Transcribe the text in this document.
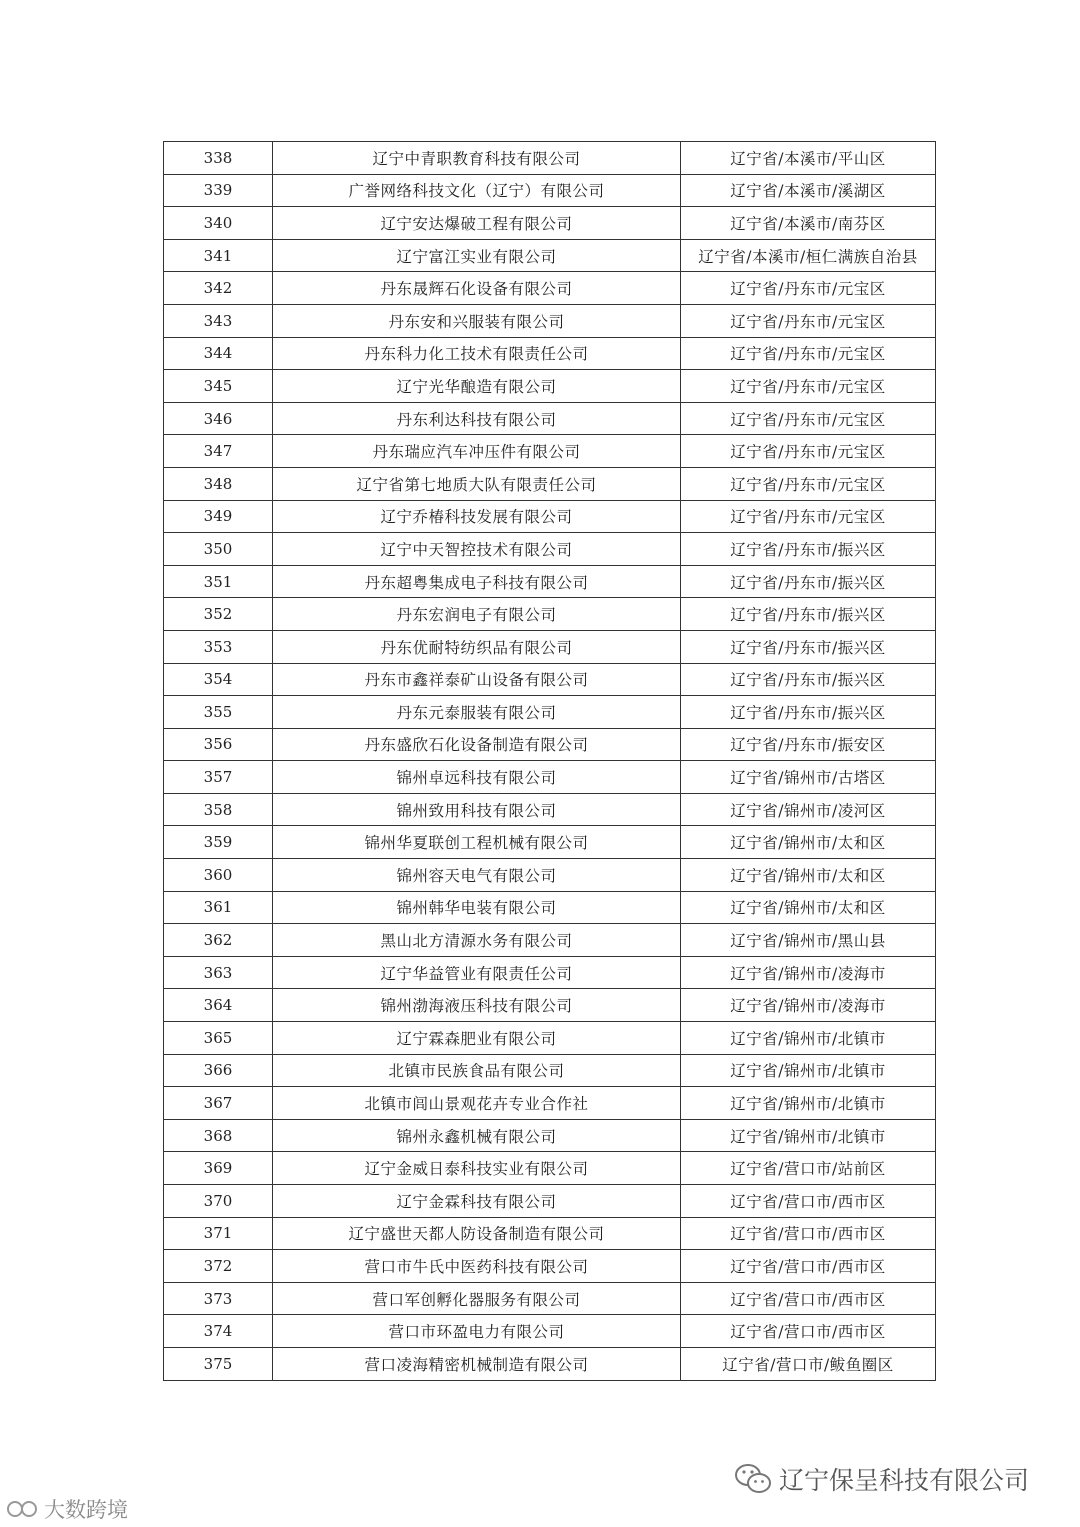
338	辽宁中青职教育科技有限公司	辽宁省/本溪市/平山区
339	广誉网络科技文化（辽宁）有限公司	辽宁省/本溪市/溪湖区
340	辽宁安达爆破工程有限公司	辽宁省/本溪市/南芬区
341	辽宁富江实业有限公司	辽宁省/本溪市/桓仁满族自治县
342	丹东晟辉石化设备有限公司	辽宁省/丹东市/元宝区
343	丹东安和兴服装有限公司	辽宁省/丹东市/元宝区
344	丹东科力化工技术有限责任公司	辽宁省/丹东市/元宝区
345	辽宁光华酿造有限公司	辽宁省/丹东市/元宝区
346	丹东利达科技有限公司	辽宁省/丹东市/元宝区
347	丹东瑞应汽车冲压件有限公司	辽宁省/丹东市/元宝区
348	辽宁省第七地质大队有限责任公司	辽宁省/丹东市/元宝区
349	辽宁乔椿科技发展有限公司	辽宁省/丹东市/元宝区
350	辽宁中天智控技术有限公司	辽宁省/丹东市/振兴区
351	丹东超粤集成电子科技有限公司	辽宁省/丹东市/振兴区
352	丹东宏润电子有限公司	辽宁省/丹东市/振兴区
353	丹东优耐特纺织品有限公司	辽宁省/丹东市/振兴区
354	丹东市鑫祥泰矿山设备有限公司	辽宁省/丹东市/振兴区
355	丹东元泰服装有限公司	辽宁省/丹东市/振兴区
356	丹东盛欣石化设备制造有限公司	辽宁省/丹东市/振安区
357	锦州卓远科技有限公司	辽宁省/锦州市/古塔区
358	锦州致用科技有限公司	辽宁省/锦州市/凌河区
359	锦州华夏联创工程机械有限公司	辽宁省/锦州市/太和区
360	锦州容天电气有限公司	辽宁省/锦州市/太和区
361	锦州韩华电装有限公司	辽宁省/锦州市/太和区
362	黑山北方清源水务有限公司	辽宁省/锦州市/黑山县
363	辽宁华益管业有限责任公司	辽宁省/锦州市/凌海市
364	锦州渤海液压科技有限公司	辽宁省/锦州市/凌海市
365	辽宁霖森肥业有限公司	辽宁省/锦州市/北镇市
366	北镇市民族食品有限公司	辽宁省/锦州市/北镇市
367	北镇市闾山景观花卉专业合作社	辽宁省/锦州市/北镇市
368	锦州永鑫机械有限公司	辽宁省/锦州市/北镇市
369	辽宁金威日泰科技实业有限公司	辽宁省/营口市/站前区
370	辽宁金霖科技有限公司	辽宁省/营口市/西市区
371	辽宁盛世天都人防设备制造有限公司	辽宁省/营口市/西市区
372	营口市牛氏中医药科技有限公司	辽宁省/营口市/西市区
373	营口军创孵化器服务有限公司	辽宁省/营口市/西市区
374	营口市环盈电力有限公司	辽宁省/营口市/西市区
375	营口凌海精密机械制造有限公司	辽宁省/营口市/鲅鱼圈区
辽宁保呈科技有限公司
大数跨境
